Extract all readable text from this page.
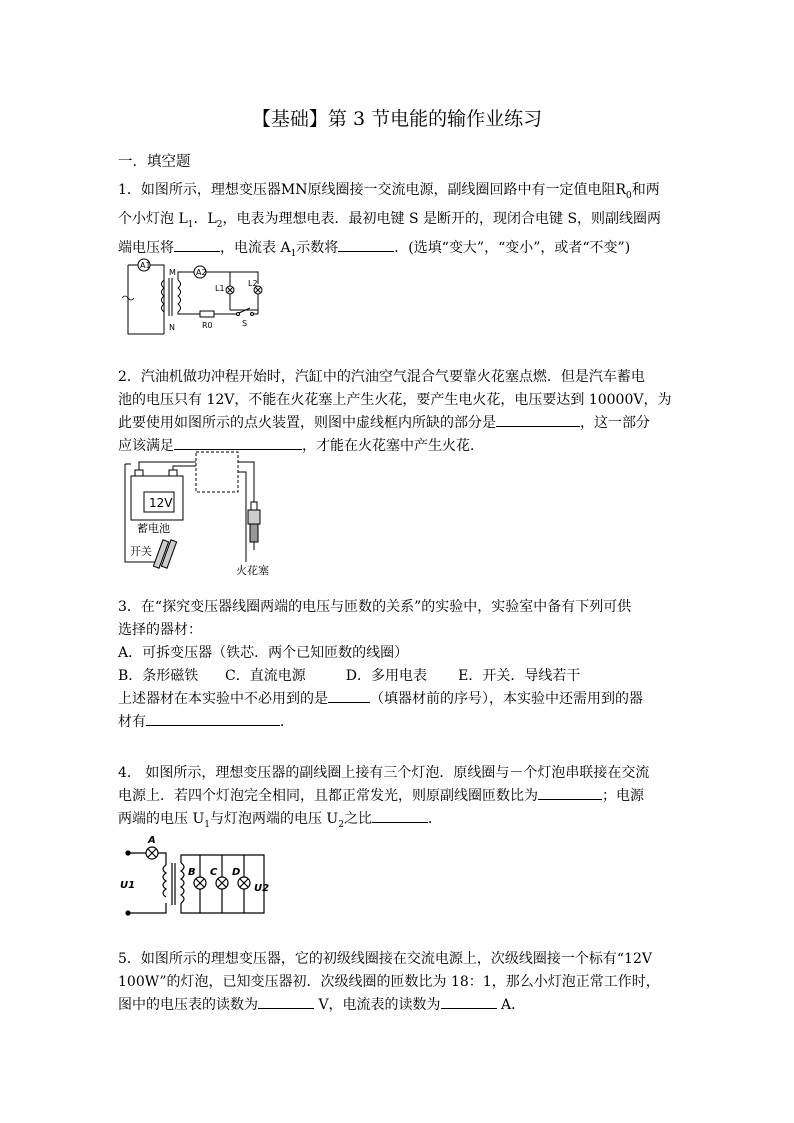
【基础】第 3 节电能的输作业练习
一．填空题
1．如图所示，理想变压器MN原线圈接一交流电源，副线圈回路中有一定值电阻$R_0$和两
个小灯泡 $L_1$．$L_2$，电表为理想电表．最初电键 S 是断开的，现闭合电键 S，则副线圈两
端电压将	，电流表 $A_1$示数将	．(选填“变大”，“变小”，或者“不变”)
A1
A2
M
N
L1
L2
R0	S
2．汽油机做功冲程开始时，汽缸中的汽油空气混合气要靠火花塞点燃．但是汽车蓄电
池的电压只有 12V，不能在火花塞上产生火花，要产生电火花，电压要达到 10000V，为
此要使用如图所示的点火装置，则图中虚线框内所缺的部分是	，这一部分
应该满足	，才能在火花塞中产生火花．
12V
蓄电池
开关
火花塞
3．在“探究变压器线圈两端的电压与匝数的关系”的实验中，实验室中备有下列可供
选择的器材：
A．可拆变压器（铁芯．两个已知匝数的线圈）
B．条形磁铁      C．直流电源         D．多用电表       E．开关．导线若干
上述器材在本实验中不必用到的是	（填器材前的序号），本实验中还需用到的器
材有	．
4． 如图所示，理想变压器的副线圈上接有三个灯泡．原线圈与－个灯泡串联接在交流
电源上．若四个灯泡完全相同，且都正常发光，则原副线圈匝数比为	；电源
两端的电压 $U_1$与灯泡两端的电压 $U_2$之比	．
A
B C D
U1	U2
5．如图所示的理想变压器，它的初级线圈接在交流电源上，次级线圈接一个标有“12V
100W”的灯泡，已知变压器初．次级线圈的匝数比为 18：1，那么小灯泡正常工作时，
图中的电压表的读数为	V，电流表的读数为	A．
